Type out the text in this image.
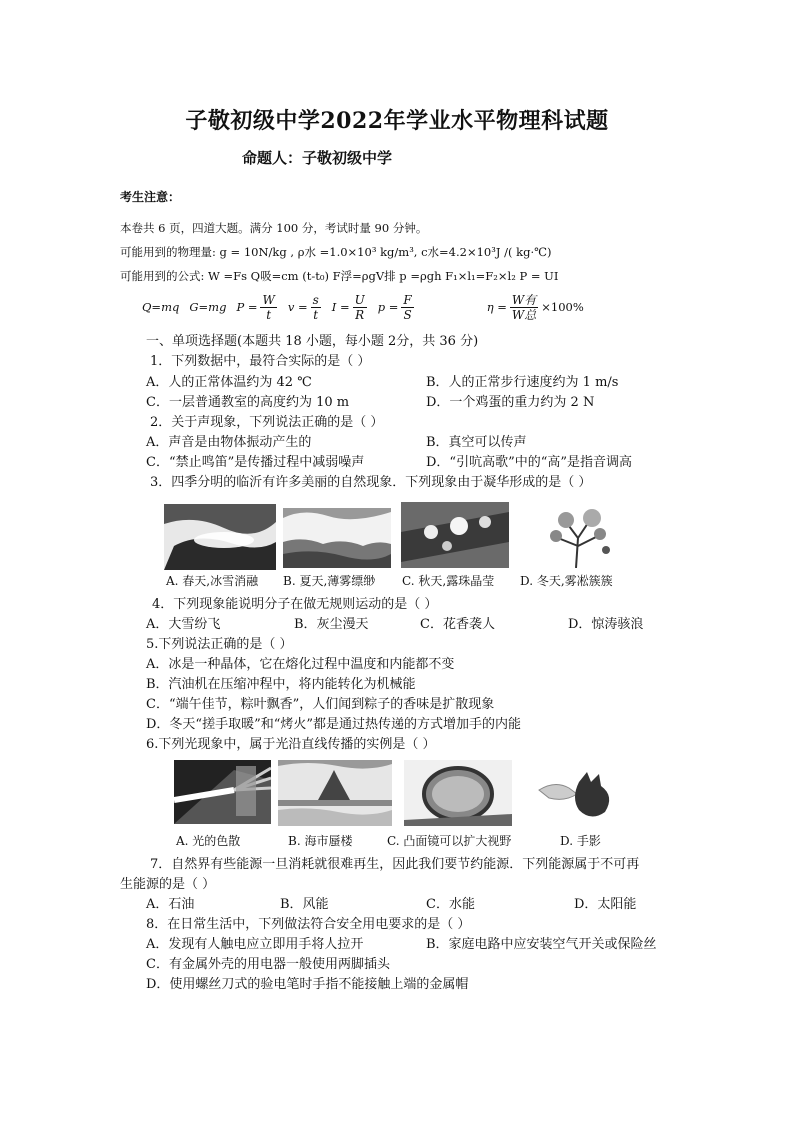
子敬初级中学2022年学业水平物理科试题
命题人：子敬初级中学
考生注意：
本卷共 6 页，四道大题。满分 100 分，考试时量 90 分钟。
可能用到的物理量: g = 10N/kg , ρ水 =1.0×10³ kg/m³, c水=4.2×10³J /( kg·℃)
可能用到的公式: W =Fs Q吸=cm (t-t₀) F浮=ρgV排 p =ρgh F₁×l₁=F₂×l₂ P = UI
Q=mq G=mg $P = \frac{W}{t}$ $v = \frac{s}{t}$ $I = \frac{U}{R}$ $p = \frac{F}{S}$	$\eta = \frac{\text{W有}}{\text{W总}} \times 100\%$
一、单项选择题(本题共 18 小题，每小题 2分，共 36 分)
1．下列数据中，最符合实际的是（ ）
A．人的正常体温约为 42 ℃	B．人的正常步行速度约为 1 m/s
C．一层普通教室的高度约为 10 m	D．一个鸡蛋的重力约为 2 N
2．关于声现象，下列说法正确的是（ ）
A．声音是由物体振动产生的	B．真空可以传声
C．“禁止鸣笛”是传播过程中减弱噪声	D．“引吭高歌”中的“高”是指音调高
3．四季分明的临沂有许多美丽的自然现象．下列现象由于凝华形成的是（ ）
A. 春天,冰雪消融 B. 夏天,薄雾缥缈 C. 秋天,露珠晶莹 D. 冬天,雾凇簇簇
4．下列现象能说明分子在做无规则运动的是（ ）
A．大雪纷飞	B．灰尘漫天	C．花香袭人	D．惊涛骇浪
5.下列说法正确的是（ ）
A．冰是一种晶体，它在熔化过程中温度和内能都不变
B．汽油机在压缩冲程中，将内能转化为机械能
C．“端午佳节，粽叶飘香”，人们闻到粽子的香味是扩散现象
D．冬天“搓手取暖”和“烤火”都是通过热传递的方式增加手的内能
6.下列光现象中，属于光沿直线传播的实例是（ ）
A. 光的色散	B. 海市蜃楼	C. 凸面镜可以扩大视野	D. 手影
7．自然界有些能源一旦消耗就很难再生，因此我们要节约能源．下列能源属于不可再
生能源的是（ ）
A．石油	B．风能	C．水能	D．太阳能
8．在日常生活中，下列做法符合安全用电要求的是（ ）
A．发现有人触电应立即用手将人拉开	B．家庭电路中应安装空气开关或保险丝
C．有金属外壳的用电器一般使用两脚插头
D．使用螺丝刀式的验电笔时手指不能接触上端的金属帽
